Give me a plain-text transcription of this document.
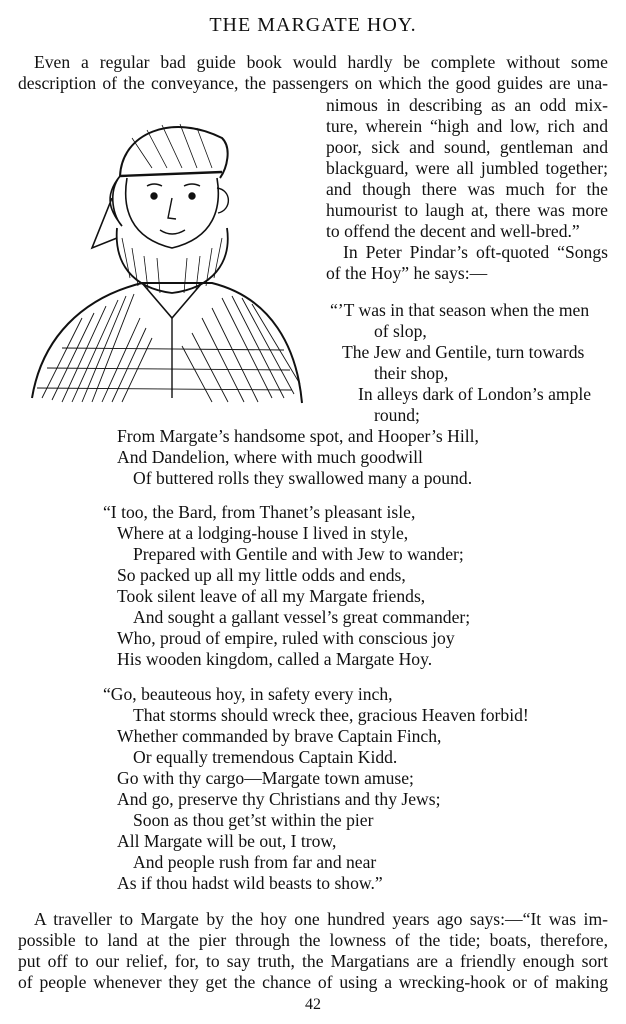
THE MARGATE HOY.
Even a regular bad guide book would hardly be complete without some
description of the conveyance, the passengers on which the good guides are una-
nimous in describing as an odd mix-
ture, wherein “high and low, rich and
poor, sick and sound, gentleman and
blackguard, were all jumbled together;
and though there was much for the
humourist to laugh at, there was more
to offend the decent and well-bred.”
In Peter Pindar’s oft-quoted “Songs
of the Hoy” he says:—
“’T was in that season when the men
of slop,
The Jew and Gentile, turn towards
their shop,
In alleys dark of London’s ample
round;
From Margate’s handsome spot, and Hooper’s Hill,
And Dandelion, where with much goodwill
Of buttered rolls they swallowed many a pound.
“I too, the Bard, from Thanet’s pleasant isle,
Where at a lodging-house I lived in style,
Prepared with Gentile and with Jew to wander;
So packed up all my little odds and ends,
Took silent leave of all my Margate friends,
And sought a gallant vessel’s great commander;
Who, proud of empire, ruled with conscious joy
His wooden kingdom, called a Margate Hoy.
“Go, beauteous hoy, in safety every inch,
That storms should wreck thee, gracious Heaven forbid!
Whether commanded by brave Captain Finch,
Or equally tremendous Captain Kidd.
Go with thy cargo—Margate town amuse;
And go, preserve thy Christians and thy Jews;
Soon as thou get’st within the pier
All Margate will be out, I trow,
And people rush from far and near
As if thou hadst wild beasts to show.”
A traveller to Margate by the hoy one hundred years ago says:—“It was im-
possible to land at the pier through the lowness of the tide; boats, therefore,
put off to our relief, for, to say truth, the Margatians are a friendly enough sort
of people whenever they get the chance of using a wrecking-hook or of making
42
